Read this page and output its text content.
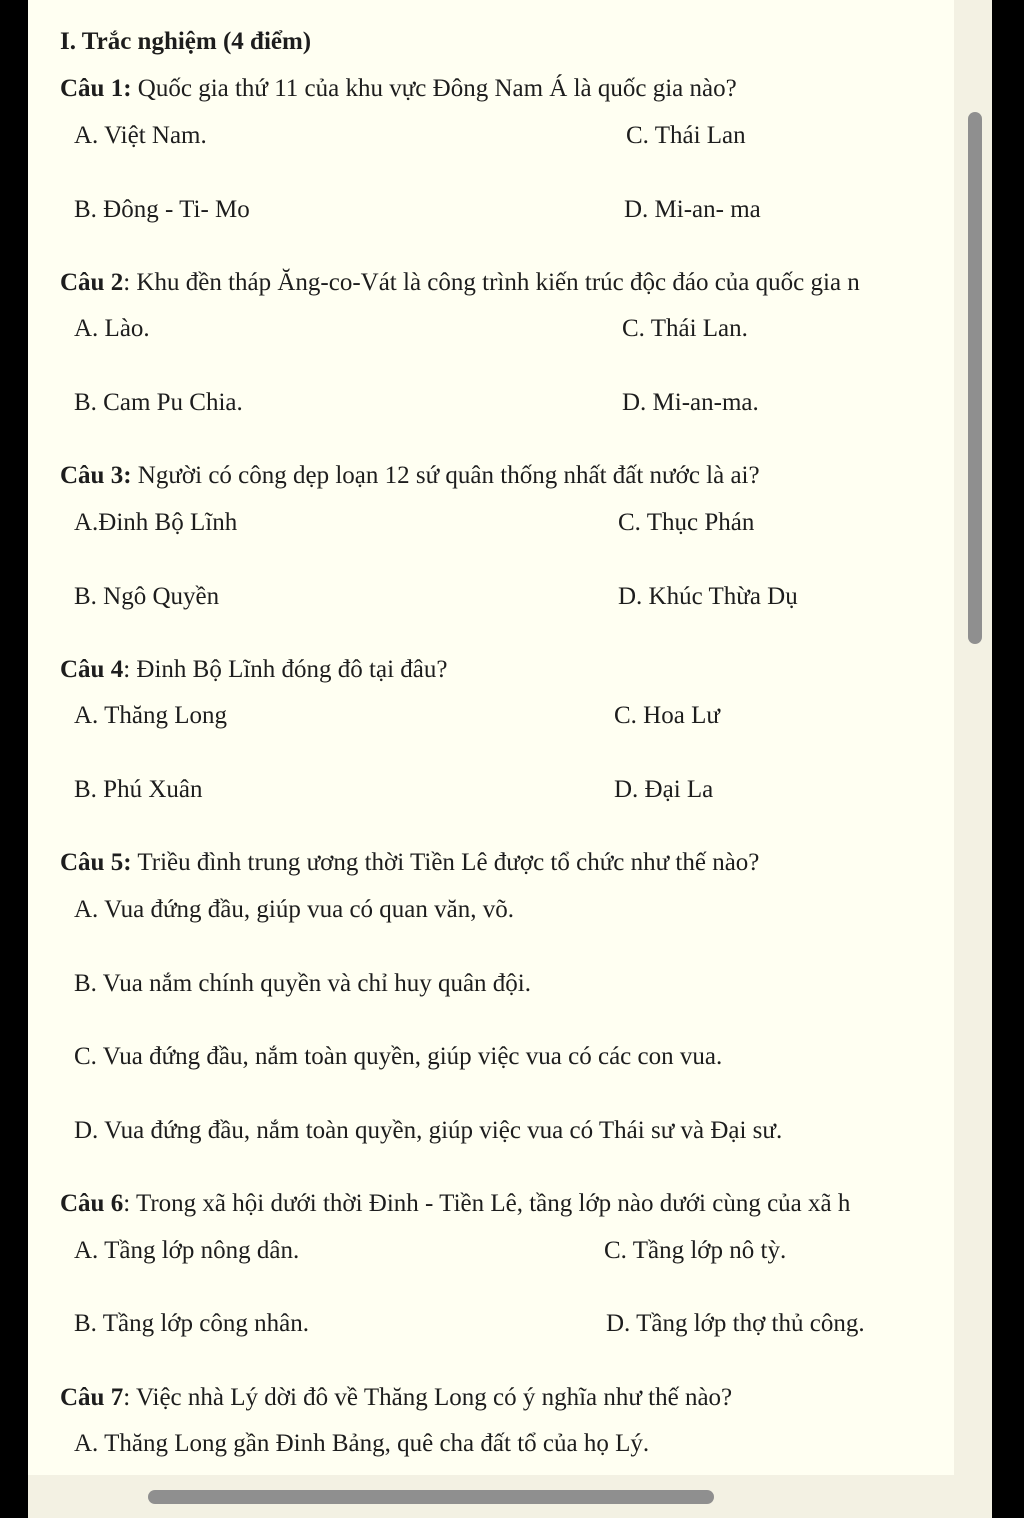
I. Trắc nghiệm (4 điểm)
Câu 1: Quốc gia thứ 11 của khu vực Đông Nam Á là quốc gia nào?
A. Việt Nam.	C. Thái Lan
B. Đông - Ti- Mo	D. Mi-an- ma
Câu 2: Khu đền tháp Ăng-co-Vát là công trình kiến trúc độc đáo của quốc gia n
A. Lào.	C. Thái Lan.
B. Cam Pu Chia.	D. Mi-an-ma.
Câu 3: Người có công dẹp loạn 12 sứ quân thống nhất đất nước là ai?
A.Đinh Bộ Lĩnh	C. Thục Phán
B. Ngô Quyền	D. Khúc Thừa Dụ
Câu 4: Đinh Bộ Lĩnh đóng đô tại đâu?
A. Thăng Long	C. Hoa Lư
B. Phú Xuân	D. Đại La
Câu 5: Triều đình trung ương thời Tiền Lê được tổ chức như thế nào?
A. Vua đứng đầu, giúp vua có quan văn, võ.
B. Vua nắm chính quyền và chỉ huy quân đội.
C. Vua đứng đầu, nắm toàn quyền, giúp việc vua có các con vua.
D. Vua đứng đầu, nắm toàn quyền, giúp việc vua có Thái sư và Đại sư.
Câu 6: Trong xã hội dưới thời Đinh - Tiền Lê, tầng lớp nào dưới cùng của xã h
A. Tầng lớp nông dân.	C. Tầng lớp nô tỳ.
B. Tầng lớp công nhân.	D. Tầng lớp thợ thủ công.
Câu 7: Việc nhà Lý dời đô về Thăng Long có ý nghĩa như thế nào?
A. Thăng Long gần Đinh Bảng, quê cha đất tổ của họ Lý.
